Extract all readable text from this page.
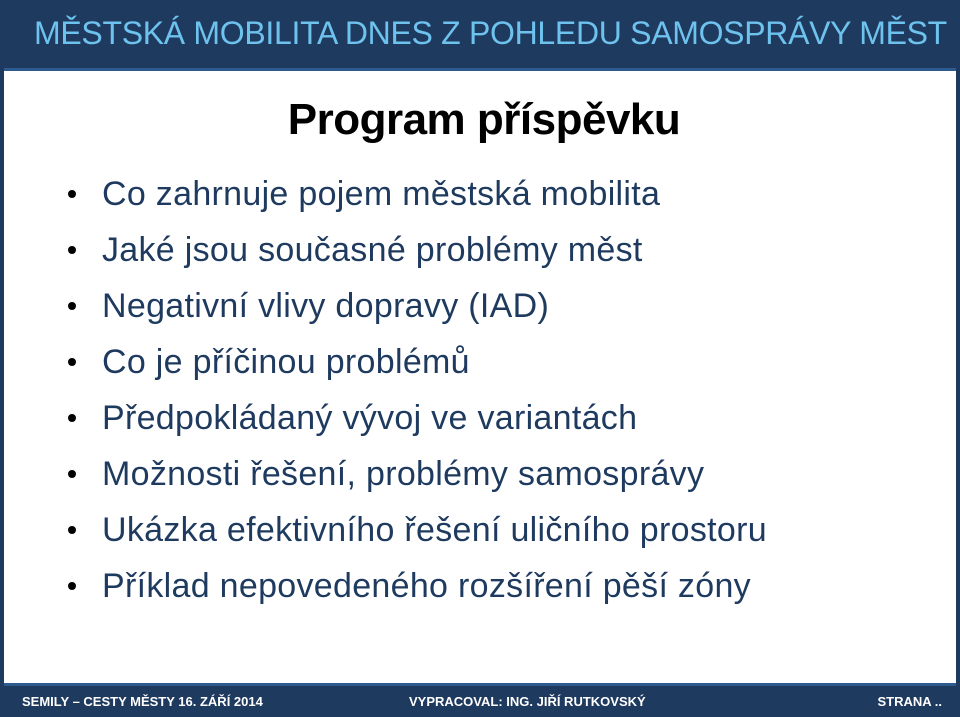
MĚSTSKÁ MOBILITA DNES Z POHLEDU SAMOSPRÁVY MĚST
Program příspěvku
Co zahrnuje pojem městská mobilita
Jaké jsou současné problémy měst
Negativní vlivy dopravy (IAD)
Co je příčinou problémů
Předpokládaný vývoj ve variantách
Možnosti řešení, problémy samosprávy
Ukázka efektivního řešení uličního prostoru
Příklad nepovedeného rozšíření pěší zóny
SEMILY – CESTY MĚSTY 16. ZÁŘÍ 2014	VYPRACOVAL: ING. JIŘÍ RUTKOVSKÝ	STRANA ..
